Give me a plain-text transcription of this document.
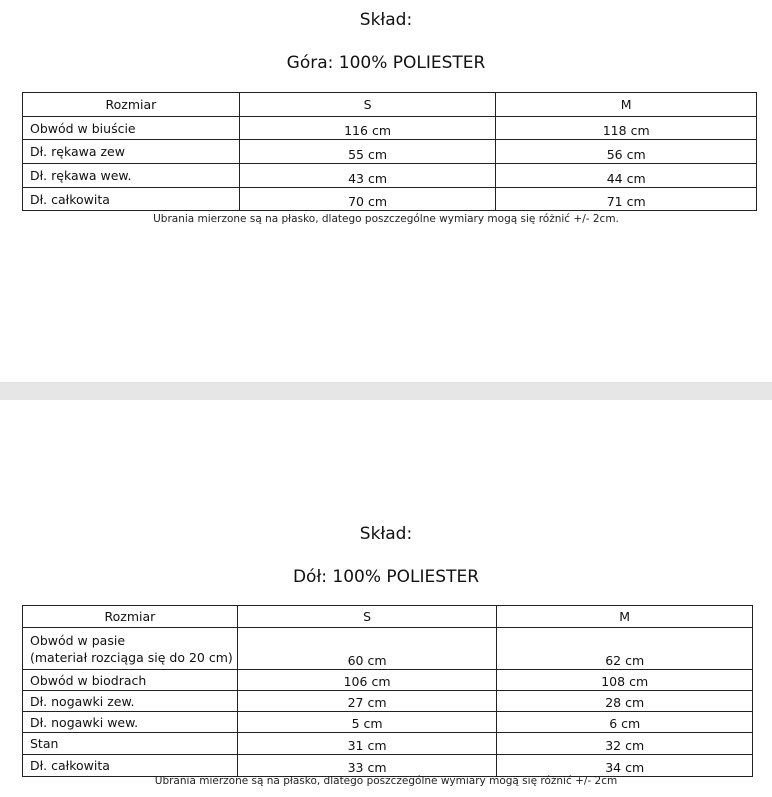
Skład:
Góra: 100% POLIESTER
Rozmiar	S	M
Obwód w biuście	116 cm	118 cm
Dł. rękawa zew	55 cm	56 cm
Dł. rękawa wew.	43 cm	44 cm
Dł. całkowita	70 cm	71 cm
Ubrania mierzone są na płasko, dlatego poszczególne wymiary mogą się różnić +/- 2cm.
Skład:
Dół: 100% POLIESTER
Rozmiar	S	M

Obwód w pasie
(materiał rozciąga się do 20 cm)	60 cm	62 cm
Obwód w biodrach	106 cm	108 cm
Dł. nogawki zew.	27 cm	28 cm
Dł. nogawki wew.	5 cm	6 cm
Stan	31 cm	32 cm
Dł. całkowita	33 cm	34 cm
Ubrania mierzone są na płasko, dlatego poszczególne wymiary mogą się różnić +/- 2cm
